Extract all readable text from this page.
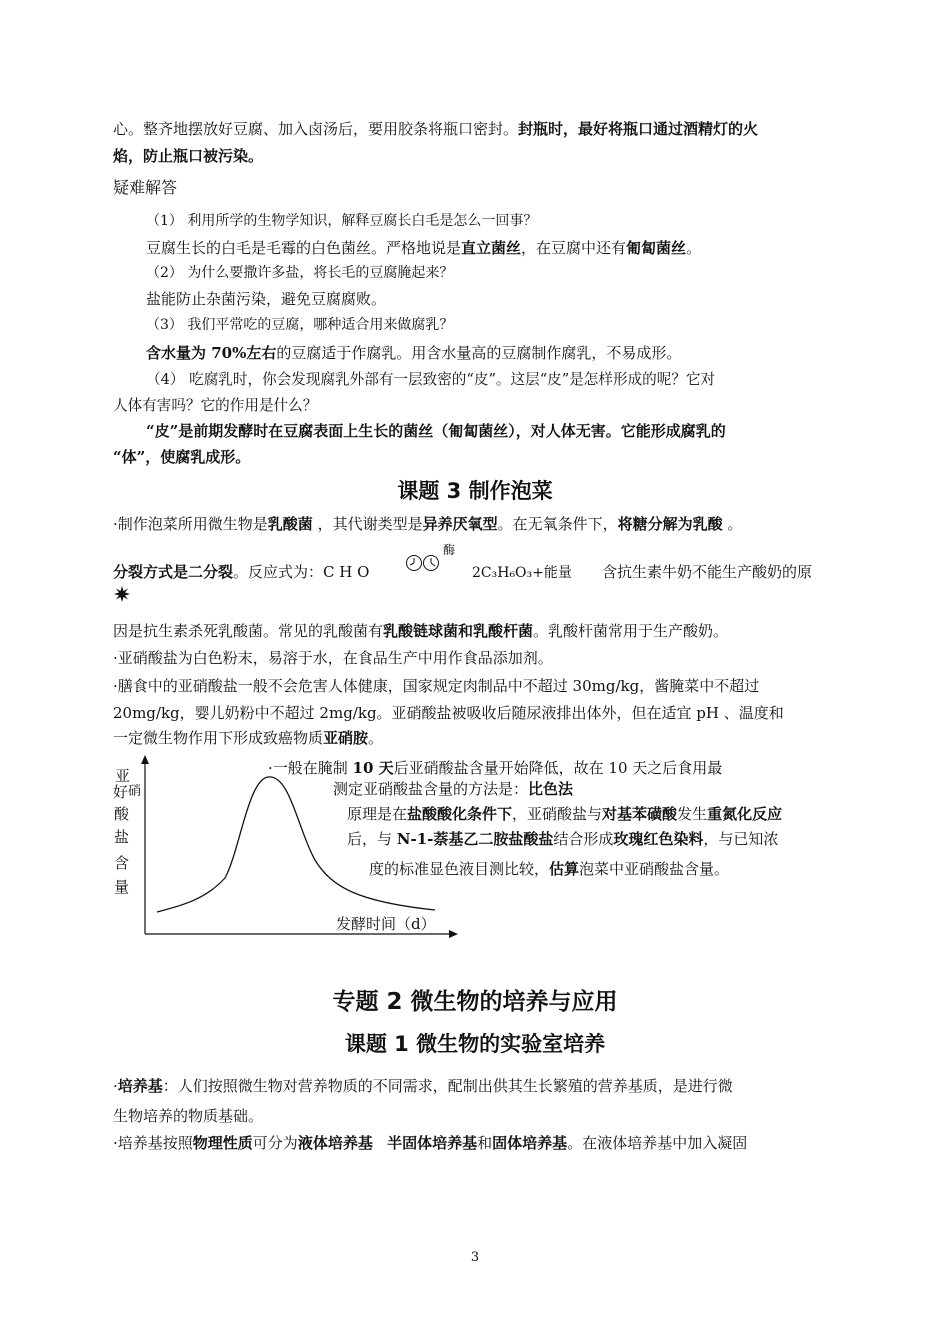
心。整齐地摆放好豆腐、加入卤汤后，要用胶条将瓶口密封。封瓶时，最好将瓶口通过酒精灯的火
焰，防止瓶口被污染。
疑难解答
（1） 利用所学的生物学知识，解释豆腐长白毛是怎么一回事？
豆腐生长的白毛是毛霉的白色菌丝。严格地说是直立菌丝，在豆腐中还有匍匐菌丝。
（2） 为什么要撒许多盐，将长毛的豆腐腌起来？
盐能防止杂菌污染，避免豆腐腐败。
（3） 我们平常吃的豆腐，哪种适合用来做腐乳？
含水量为 70%左右的豆腐适于作腐乳。用含水量高的豆腐制作腐乳，不易成形。
（4） 吃腐乳时，你会发现腐乳外部有一层致密的“皮”。这层“皮”是怎样形成的呢？它对
人体有害吗？它的作用是什么？
“皮”是前期发酵时在豆腐表面上生长的菌丝（匍匐菌丝），对人体无害。它能形成腐乳的
“体”，使腐乳成形。
课题 3 制作泡菜
·制作泡菜所用微生物是乳酸菌 ，其代谢类型是异养厌氧型。在无氧条件下，将糖分解为乳酸 。
分裂方式是二分裂。反应式为：C H O
酶
2C₃H₆O₃+能量 含抗生素牛奶不能生产酸奶的原
因是抗生素杀死乳酸菌。常见的乳酸菌有乳酸链球菌和乳酸杆菌。乳酸杆菌常用于生产酸奶。
·亚硝酸盐为白色粉末，易溶于水，在食品生产中用作食品添加剂。
·膳食中的亚硝酸盐一般不会危害人体健康，国家规定肉制品中不超过 30mg/kg，酱腌菜中不超过
20mg/kg，婴儿奶粉中不超过 2mg/kg。亚硝酸盐被吸收后随尿液排出体外，但在适宜 pH 、温度和
一定微生物作用下形成致癌物质亚硝胺。
亚
好硝
酸
盐
含
量
发酵时间（d）
·一般在腌制 10 天后亚硝酸盐含量开始降低，故在 10 天之后食用最
测定亚硝酸盐含量的方法是：比色法
原理是在盐酸酸化条件下，亚硝酸盐与对基苯磺酸发生重氮化反应
后，与 N-1-萘基乙二胺盐酸盐结合形成玫瑰红色染料，与已知浓
度的标准显色液目测比较，估算泡菜中亚硝酸盐含量。
专题 2 微生物的培养与应用
课题 1 微生物的实验室培养
·培养基：人们按照微生物对营养物质的不同需求，配制出供其生长繁殖的营养基质，是进行微
生物培养的物质基础。
·培养基按照物理性质可分为液体培养基 半固体培养基和固体培养基。在液体培养基中加入凝固
3
